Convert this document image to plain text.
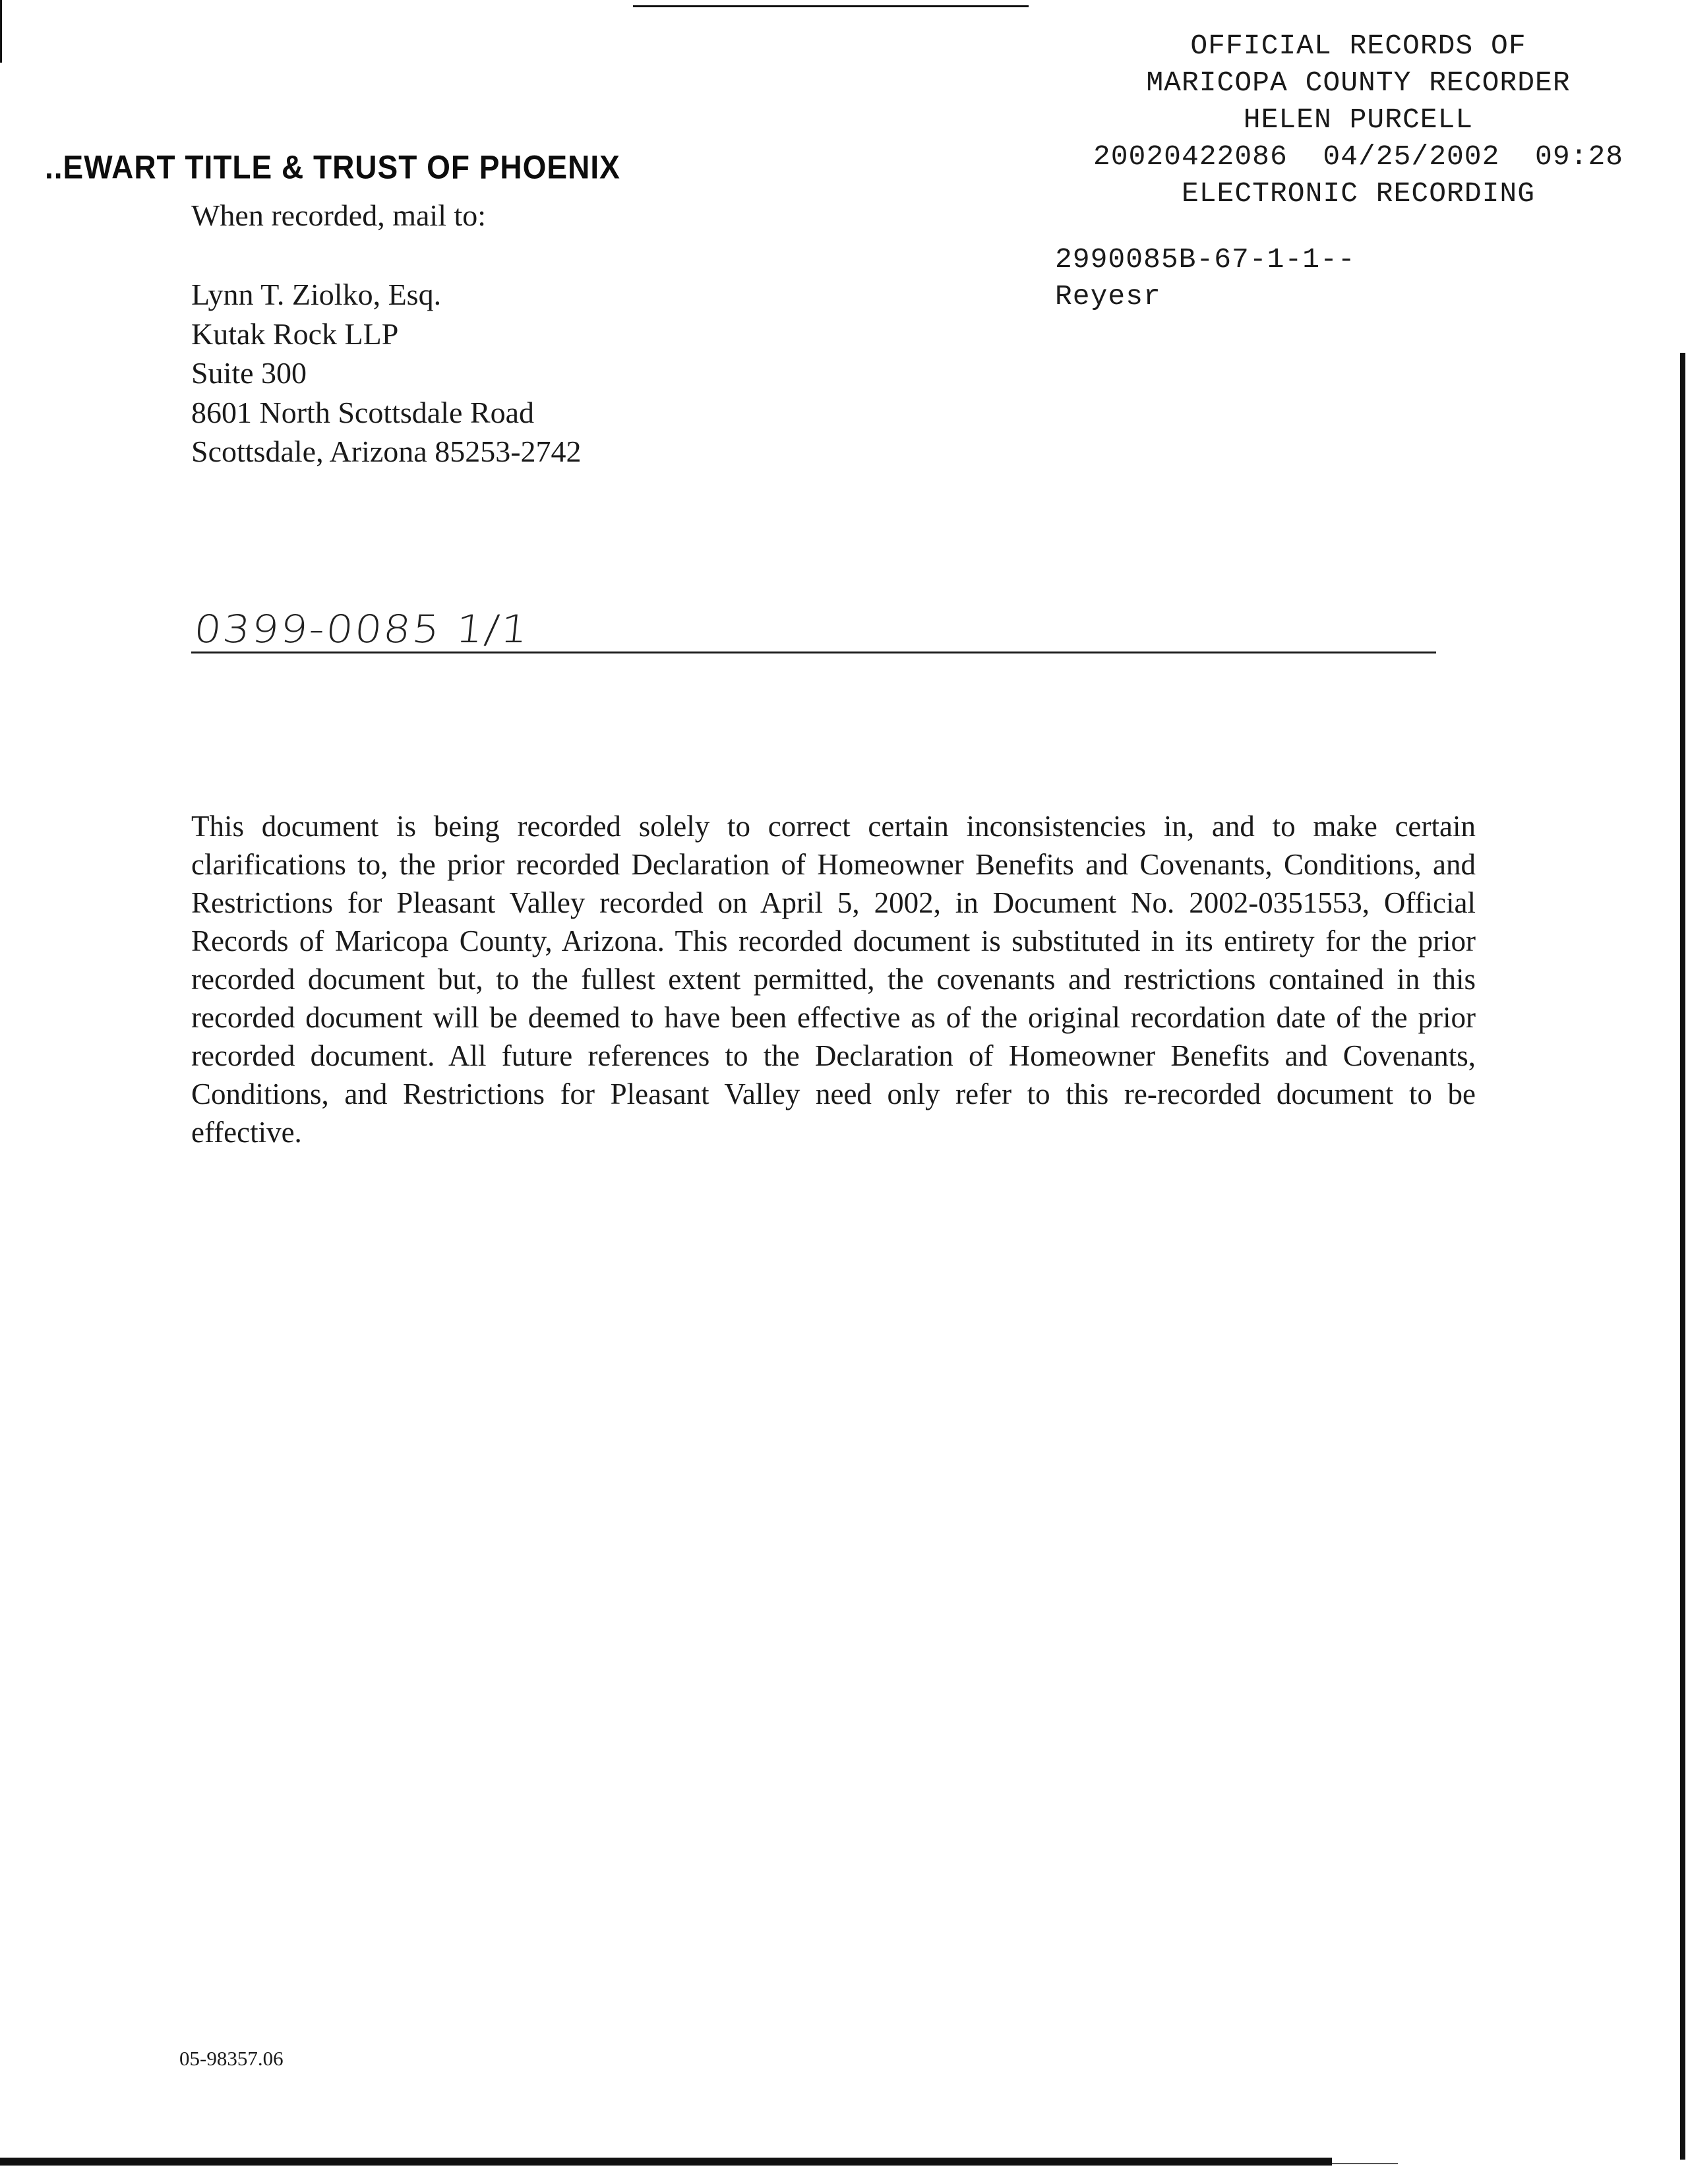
OFFICIAL RECORDS OF
MARICOPA COUNTY RECORDER
HELEN PURCELL
20020422086  04/25/2002  09:28
ELECTRONIC RECORDING
2990085B-67-1-1--
Reyesr
..EWART TITLE & TRUST OF PHOENIX
When recorded, mail to:
Lynn T. Ziolko, Esq.
Kutak Rock LLP
Suite 300
8601 North Scottsdale Road
Scottsdale, Arizona 85253-2742
0399-0085 1/1
This document is being recorded solely to correct certain inconsistencies in, and to make certain clarifications to, the prior recorded Declaration of Homeowner Benefits and Covenants, Conditions, and Restrictions for Pleasant Valley recorded on April 5, 2002, in Document No. 2002-0351553, Official Records of Maricopa County, Arizona. This recorded document is substituted in its entirety for the prior recorded document but, to the fullest extent permitted, the covenants and restrictions contained in this recorded document will be deemed to have been effective as of the original recordation date of the prior recorded document. All future references to the Declaration of Homeowner Benefits and Covenants, Conditions, and Restrictions for Pleasant Valley need only refer to this re-recorded document to be effective.
05-98357.06
